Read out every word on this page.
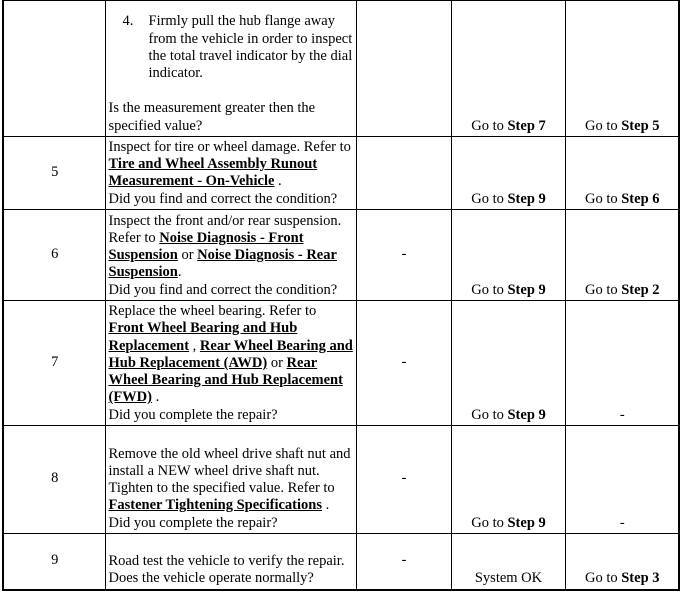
	4. Firmly pull the hub flange away from the vehicle in order to inspect the total travel indicator by the dial indicator.
Is the measurement greater then the specified value?		Go to Step 7	Go to Step 5
5	Inspect for tire or wheel damage. Refer to Tire and Wheel Assembly Runout Measurement - On-Vehicle .
Did you find and correct the condition?		Go to Step 9	Go to Step 6
6	Inspect the front and/or rear suspension. Refer to Noise Diagnosis - Front Suspension or Noise Diagnosis - Rear Suspension.
Did you find and correct the condition?	-	Go to Step 9	Go to Step 2
7	Replace the wheel bearing. Refer to Front Wheel Bearing and Hub Replacement , Rear Wheel Bearing and Hub Replacement (AWD) or Rear Wheel Bearing and Hub Replacement (FWD) .
Did you complete the repair?	-	Go to Step 9	-
8	Remove the old wheel drive shaft nut and install a NEW wheel drive shaft nut. Tighten to the specified value. Refer to Fastener Tightening Specifications .
Did you complete the repair?	-	Go to Step 9	-
9	Road test the vehicle to verify the repair.
Does the vehicle operate normally?	-	System OK	Go to Step 3
